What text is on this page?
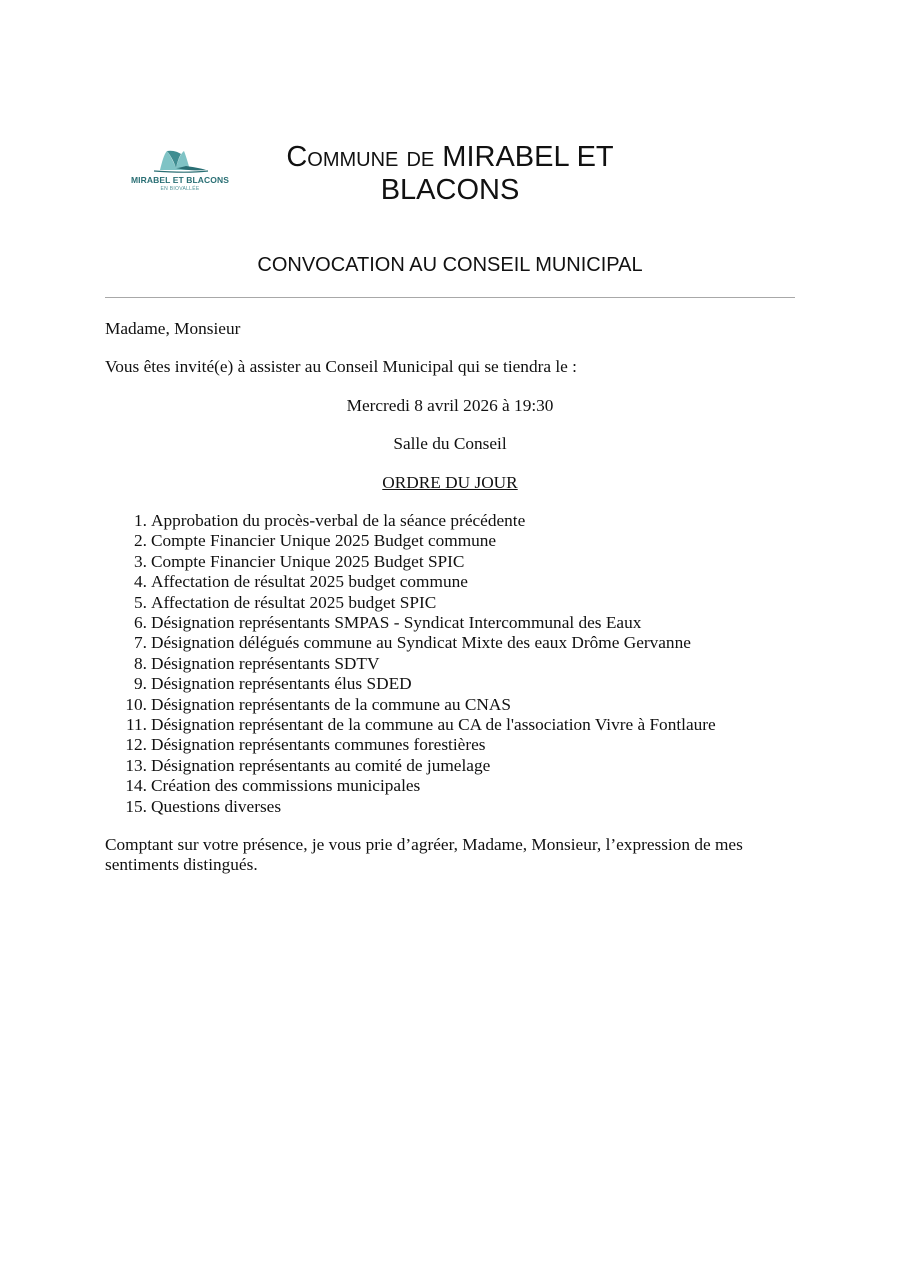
MIRABEL ET BLACONS
EN BIOVALLÉE
Commune de MIRABEL ET
BLACONS
CONVOCATION AU CONSEIL MUNICIPAL
Madame, Monsieur
Vous êtes invité(e) à assister au Conseil Municipal qui se tiendra le :
Mercredi 8 avril 2026 à 19:30
Salle du Conseil
ORDRE DU JOUR
1. Approbation du procès-verbal de la séance précédente
2. Compte Financier Unique 2025 Budget commune
3. Compte Financier Unique 2025 Budget SPIC
4. Affectation de résultat 2025 budget commune
5. Affectation de résultat 2025 budget SPIC
6. Désignation représentants SMPAS - Syndicat Intercommunal des Eaux
7. Désignation délégués commune au Syndicat Mixte des eaux Drôme Gervanne
8. Désignation représentants SDTV
9. Désignation représentants élus SDED
10. Désignation représentants de la commune au CNAS
11. Désignation représentant de la commune au CA de l'association Vivre à Fontlaure
12. Désignation représentants communes forestières
13. Désignation représentants au comité de jumelage
14. Création des commissions municipales
15. Questions diverses
Comptant sur votre présence, je vous prie d’agréer, Madame, Monsieur, l’expression de mes sentiments distingués.
